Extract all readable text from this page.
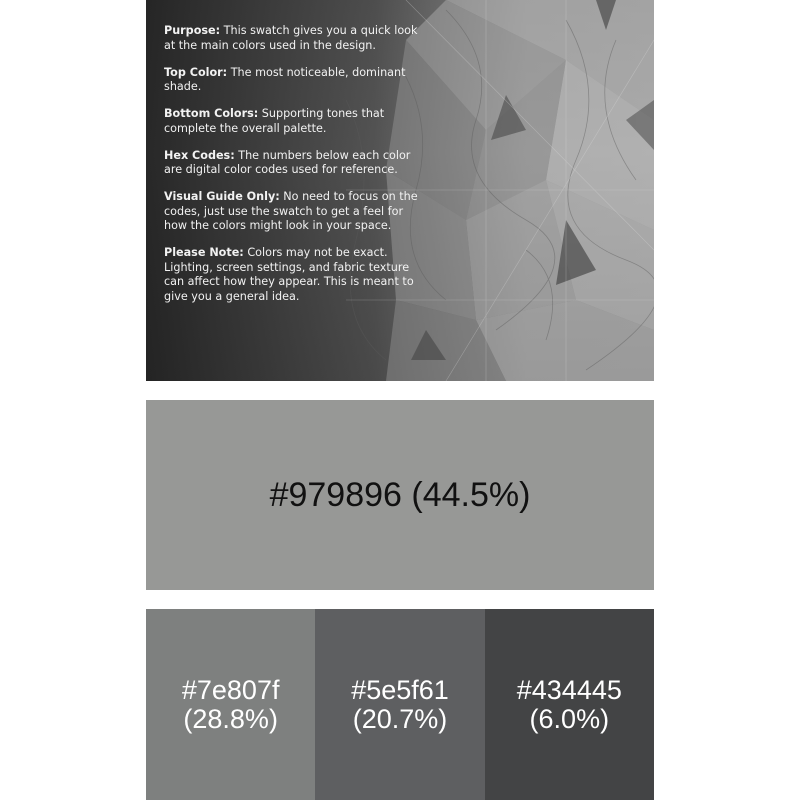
Purpose: This swatch gives you a quick look at the main colors used in the design.
Top Color: The most noticeable, dominant shade.
Bottom Colors: Supporting tones that complete the overall palette.
Hex Codes: The numbers below each color are digital color codes used for reference.
Visual Guide Only: No need to focus on the codes, just use the swatch to get a feel for how the colors might look in your space.
Please Note: Colors may not be exact. Lighting, screen settings, and fabric texture can affect how they appear. This is meant to give you a general idea.
#979896 (44.5%)
#7e807f
(28.8%)
#5e5f61
(20.7%)
#434445
(6.0%)
